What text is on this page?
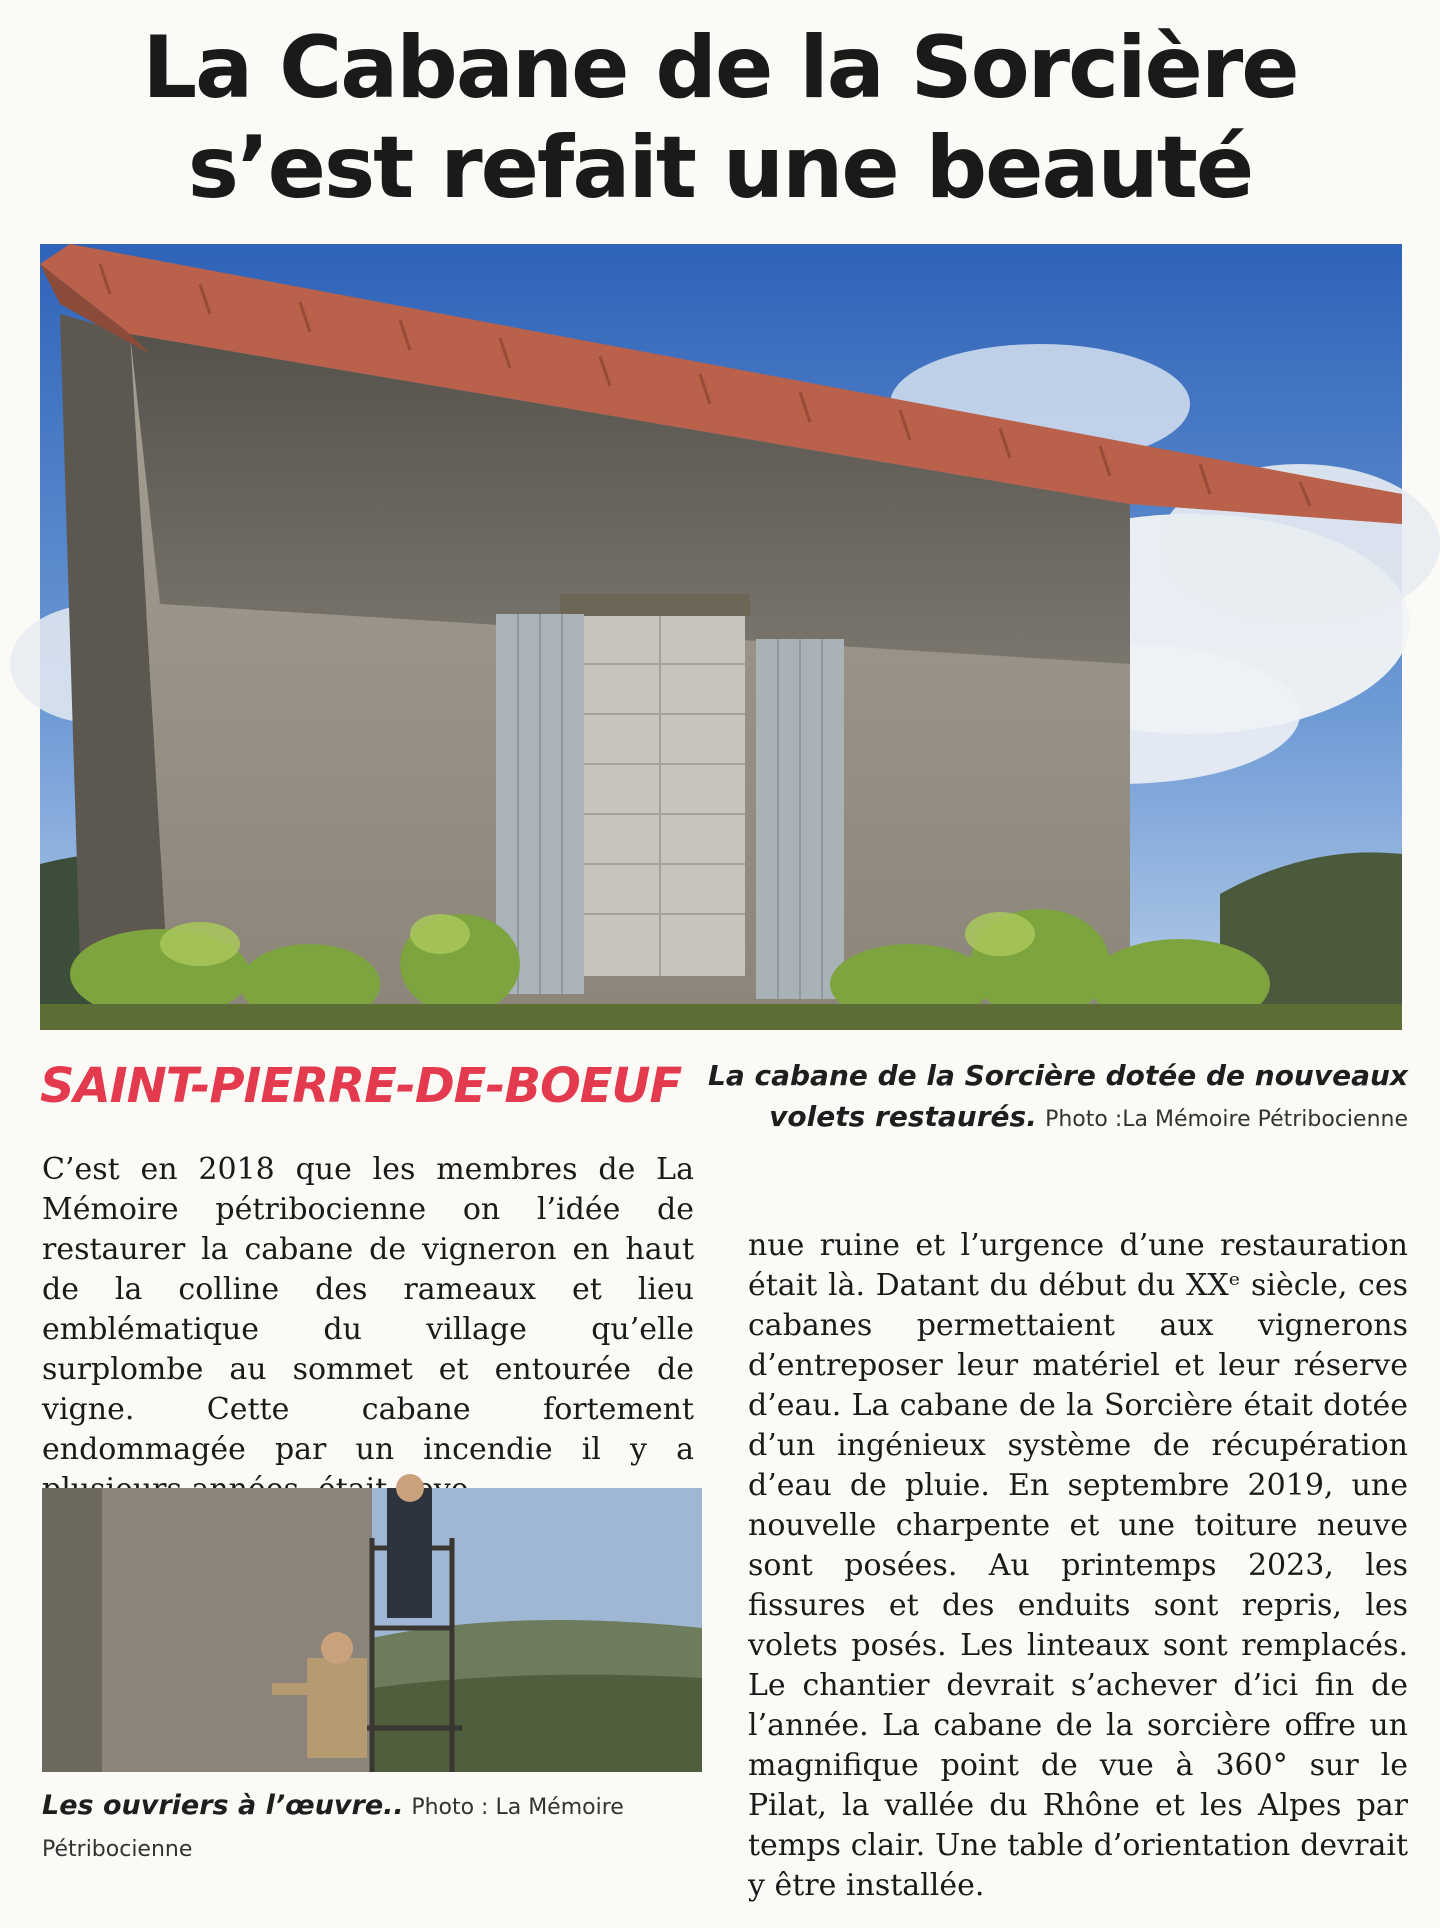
La Cabane de la Sorcière
s’est refait une beauté
SAINT-PIERRE-DE-BOEUF La cabane de la Sorcière dotée de nouveaux volets restaurés. Photo :La Mémoire Pétribocienne

C’est en 2018 que les membres de La Mémoire pétribocienne on l’idée de restaurer la cabane de vigneron en haut de la colline des rameaux et lieu emblématique du village qu’elle surplombe au sommet et entourée de vigne. Cette cabane fortement endommagée par un incendie il y a

Les ouvriers à l’œuvre.. Photo : La Mémoire Pétribocienne

nue ruine et l’urgence d’une restauration était là. Datant du début du XXᵉ siècle, ces cabanes permettaient aux vignerons d’entreposer leur matériel et leur réserve d’eau. La cabane de la Sorcière était dotée d’un ingénieux système de récupération d’eau de pluie. En septembre 2019, une nouvelle charpente et une toiture neuve sont posées. Au printemps 2023, les fissures et des enduits sont repris, les volets posés. Les linteaux sont remplacés. Le chantier devrait s’achever d’ici fin de l’année. La cabane de la sorcière offre un magnifique point de vue à 360° sur le Pilat, la vallée du Rhône et les Alpes par temps clair. Une table d’orientation devrait y être installée.
